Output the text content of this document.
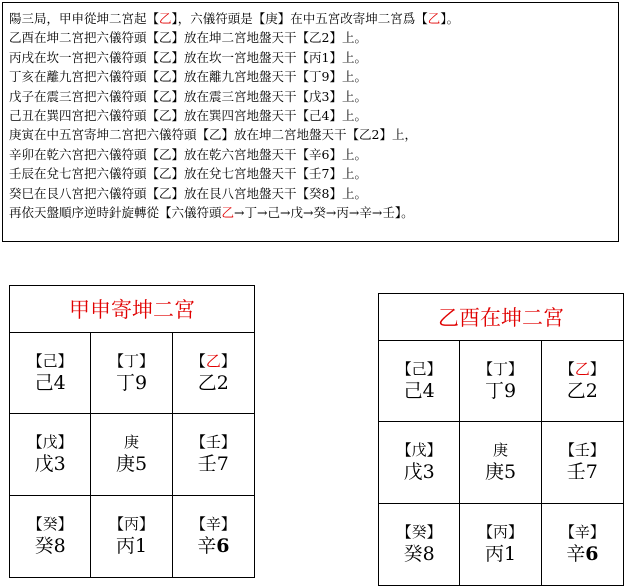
陽三局，甲申從坤二宮起【乙】，六儀符頭是【庚】在中五宮改寄坤二宮爲【乙】。
乙酉在坤二宮把六儀符頭【乙】放在坤二宮地盤天干【乙2】上。
丙戌在坎一宮把六儀符頭【乙】放在坎一宮地盤天干【丙1】上。
丁亥在離九宮把六儀符頭【乙】放在離九宮地盤天干【丁9】上。
戊子在震三宮把六儀符頭【乙】放在震三宮地盤天干【戊3】上。
己丑在巽四宮把六儀符頭【乙】放在巽四宮地盤天干【己4】上。
庚寅在中五宮寄坤二宮把六儀符頭【乙】放在坤二宮地盤天干【乙2】上，
辛卯在乾六宮把六儀符頭【乙】放在乾六宮地盤天干【辛6】上。
壬辰在兌七宮把六儀符頭【乙】放在兌七宮地盤天干【壬7】上。
癸巳在艮八宮把六儀符頭【乙】放在艮八宮地盤天干【癸8】上。
再依天盤順序逆時針旋轉從【六儀符頭乙→丁→己→戊→癸→丙→辛→壬】。
甲申寄坤二宮
【己】
己4
【丁】
丁9
【乙】
乙2
【戊】
戊3
庚
庚5
【壬】
壬7
【癸】
癸8
【丙】
丙1
【辛】
辛6
乙酉在坤二宮
【己】
己4
【丁】
丁9
【乙】
乙2
【戊】
戊3
庚
庚5
【壬】
壬7
【癸】
癸8
【丙】
丙1
【辛】
辛6
